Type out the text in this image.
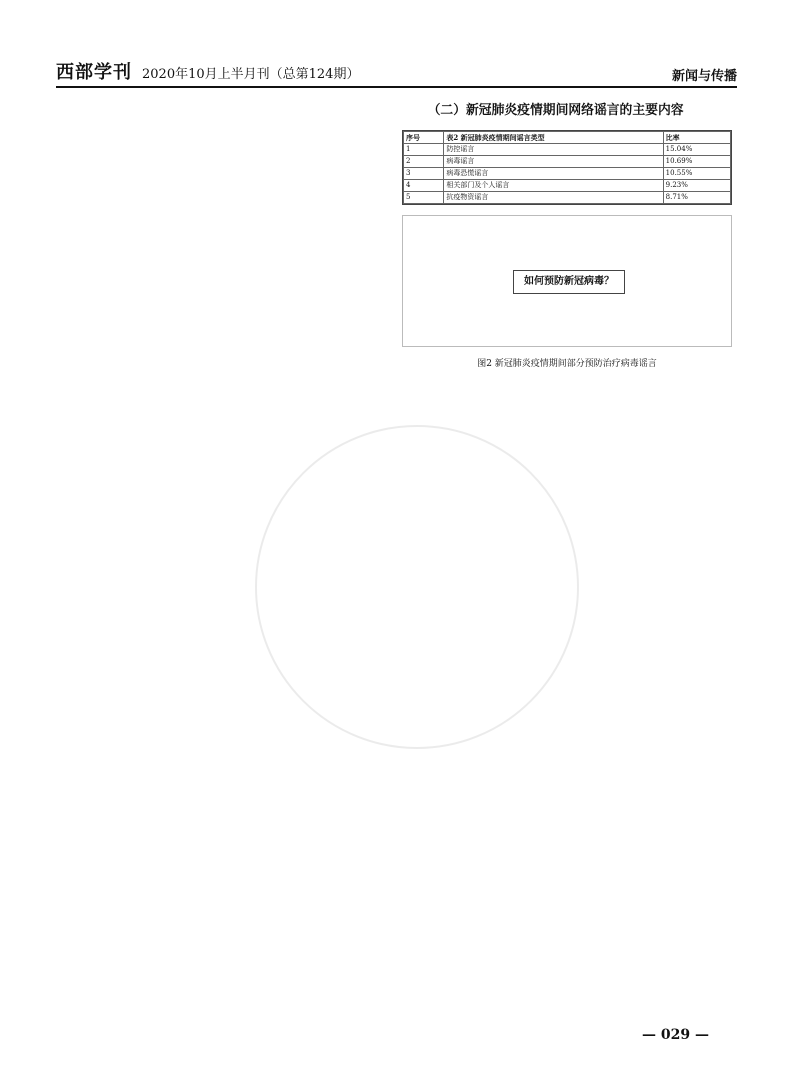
西部学刊 2020年10月上半月刊（总第124期）	新闻与传播

（二）新冠肺炎疫情期间网络谣言的主要内容

序号	表2 新冠肺炎疫情期间谣言类型	比率
1	防控谣言	15.04%
2	病毒谣言	10.69%
3	病毒恐慌谣言	10.55%
4	相关部门及个人谣言	9.23%
5	抗疫物资谣言	8.71%

如何预防新冠病毒？
图2 新冠肺炎疫情期间部分预防治疗病毒谣言

— 029 —
